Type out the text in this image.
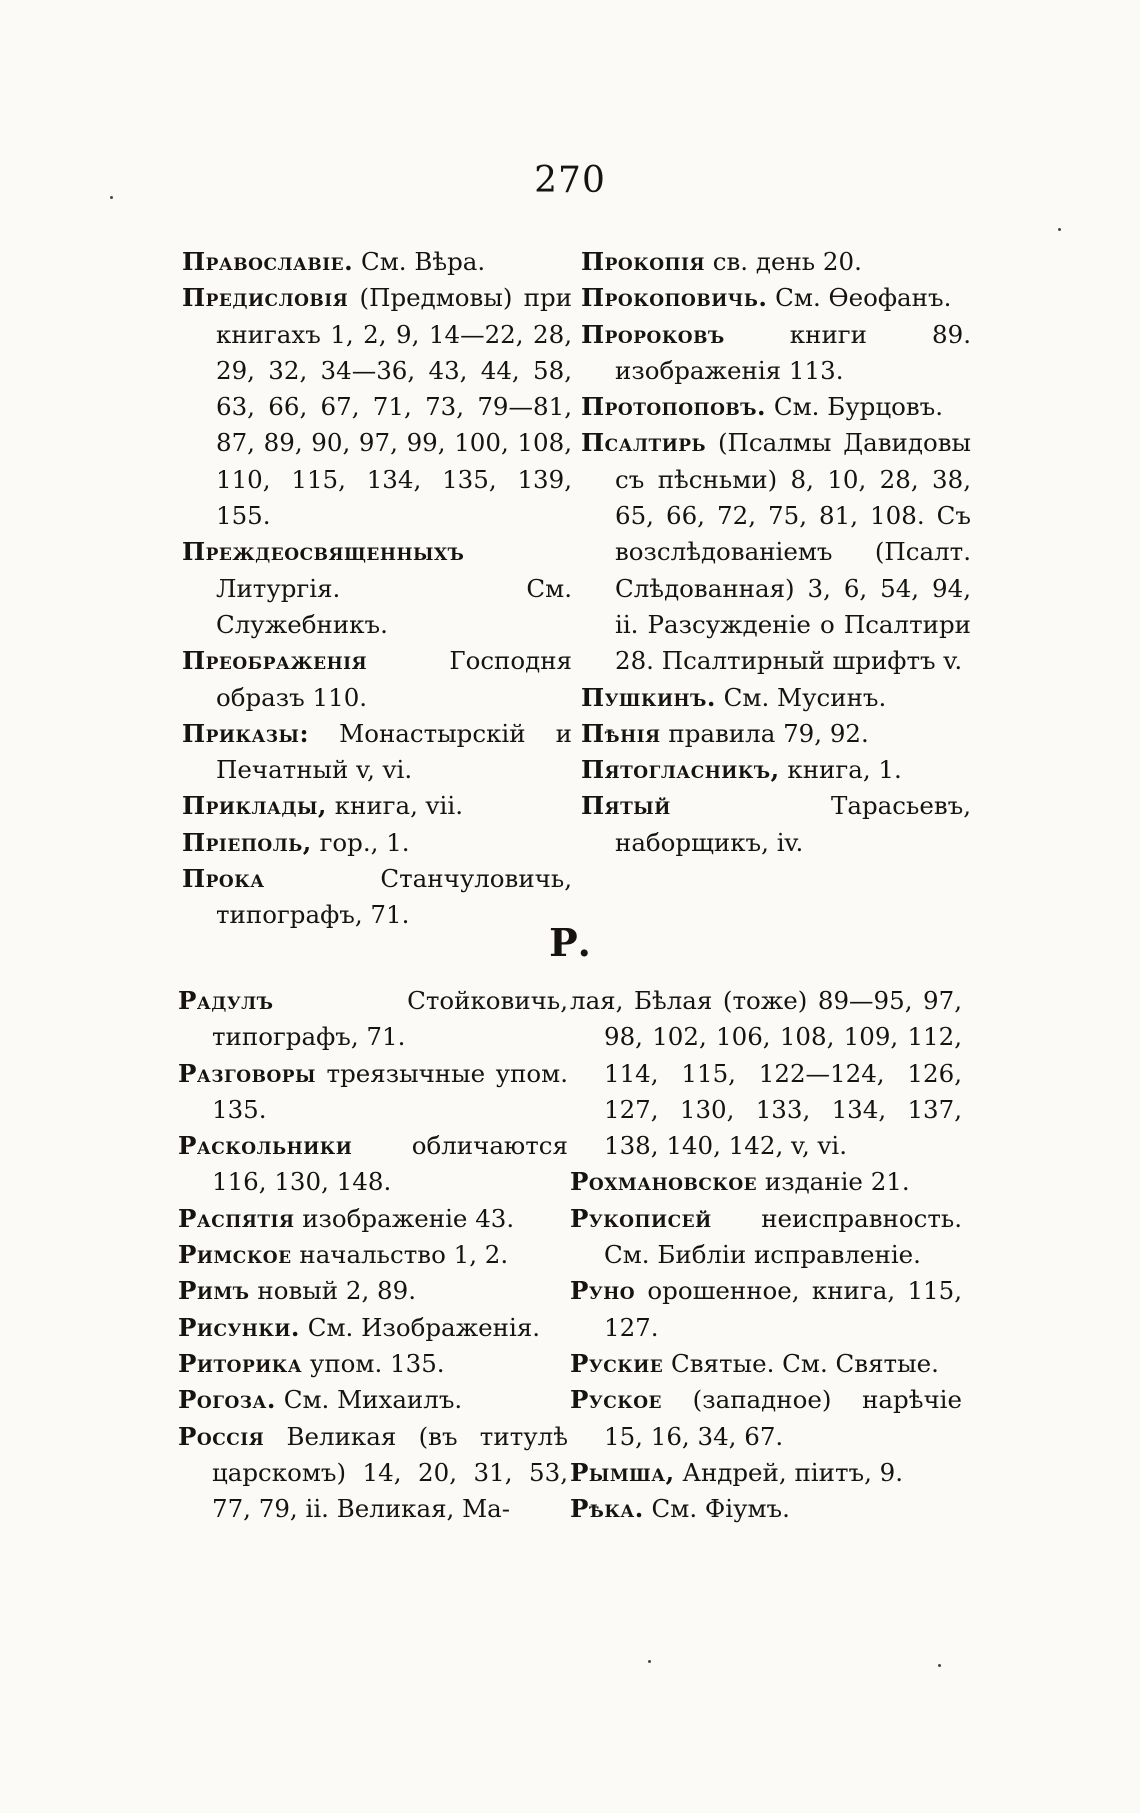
270
Православіе. См. Вѣра.
Предисловія (Предмовы) при книгахъ 1, 2, 9, 14—22, 28, 29, 32, 34—36, 43, 44, 58, 63, 66, 67, 71, 73, 79—81, 87, 89, 90, 97, 99, 100, 108, 110, 115, 134, 135, 139, 155.
Преждеосвященныхъ Литургія. См. Служебникъ.
Преображенія Господня образъ 110.
Приказы: Монастырскій и Печатный v, vi.
Приклады, книга, vii.
Прiеполь, гор., 1.
Прока Станчуловичь, типографъ, 71.
Прокопія св. день 20.
Прокоповичь. См. Ѳеофанъ.
Пророковъ книги 89. изображенія 113.
Протопоповъ. См. Бурцовъ.
Псалтирь (Псалмы Давидовы съ пѣсньми) 8, 10, 28, 38, 65, 66, 72, 75, 81, 108. Съ возслѣдованіемъ (Псалт. Слѣдованная) 3, 6, 54, 94, ii. Разсужденіе о Псалтири 28. Псалтирный шрифтъ v.
Пушкинъ. См. Мусинъ.
Пѣнія правила 79, 92.
Пятогласникъ, книга, 1.
Пятый Тарасьевъ, наборщикъ, iv.
Р.
Радулъ Стойковичь, типографъ, 71.
Разговоры треязычные упом. 135.
Раскольники обличаются 116, 130, 148.
Распятія изображеніе 43.
Римское начальство 1, 2.
Римъ новый 2, 89.
Рисунки. См. Изображенія.
Риторика упом. 135.
Рогоза. См. Михаилъ.
Россія Великая (въ титулѣ царскомъ) 14, 20, 31, 53, 77, 79, ii. Великая, Ма-
лая, Бѣлая (тоже) 89—95, 97, 98, 102, 106, 108, 109, 112, 114, 115, 122—124, 126, 127, 130, 133, 134, 137, 138, 140, 142, v, vi.
Рохмановское изданіе 21.
Рукописей неисправность. См. Библіи исправленіе.
Руно орошенное, книга, 115, 127.
Руские Святые. См. Святые.
Руское (западное) нарѣчіе 15, 16, 34, 67.
Рымша, Андрей, піитъ, 9.
Рѣка. См. Фіумъ.
